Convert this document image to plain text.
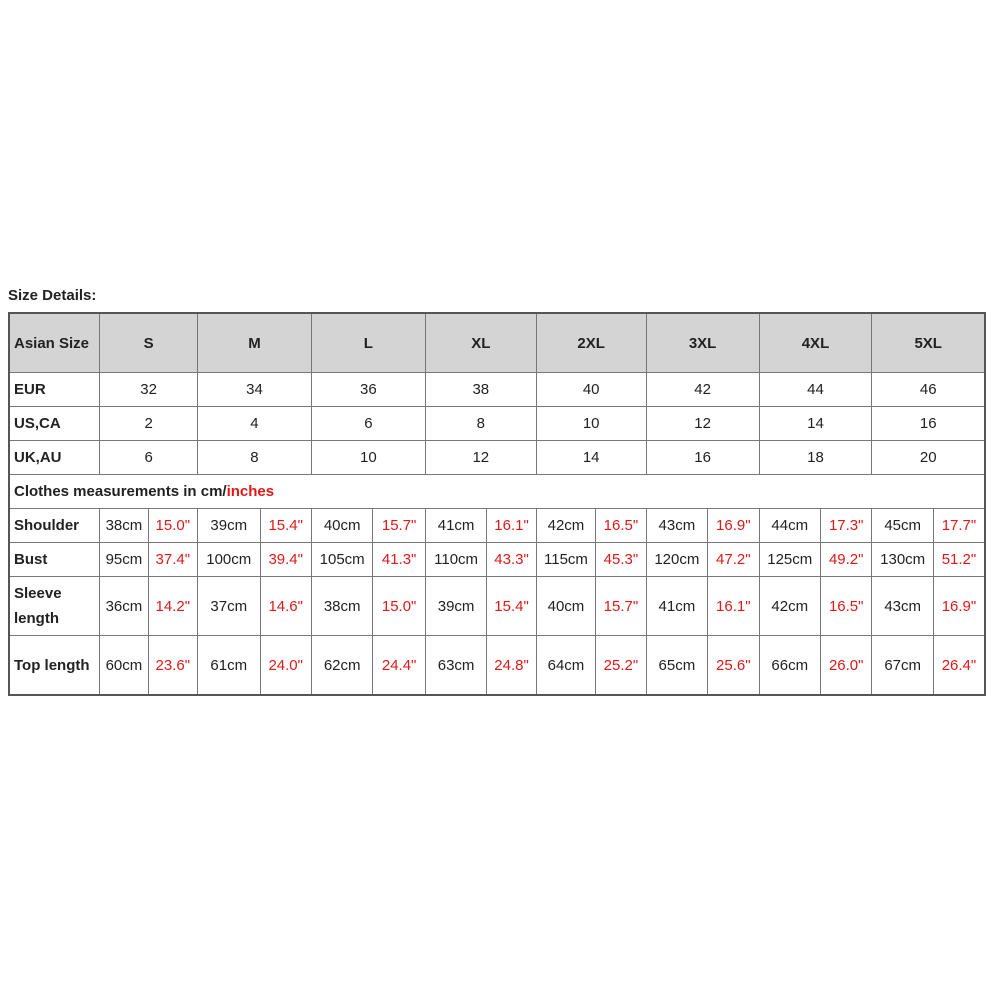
Size Details:
Asian Size	S		M		L		XL		2XL		3XL		4XL		5XL	
EUR	32		34		36		38		40		42		44		46	
US,CA	2		4		6		8		10		12		14		16	
UK,AU	6		8		10		12		14		16		18		20	
Clothes measurements in cm/inches																
Shoulder	38cm	15.0"	39cm	15.4"	40cm	15.7"	41cm	16.1"	42cm	16.5"	43cm	16.9"	44cm	17.3"	45cm	17.7"
Bust	95cm	37.4"	100cm	39.4"	105cm	41.3"	110cm	43.3"	115cm	45.3"	120cm	47.2"	125cm	49.2"	130cm	51.2"
Sleeve length	36cm	14.2"	37cm	14.6"	38cm	15.0"	39cm	15.4"	40cm	15.7"	41cm	16.1"	42cm	16.5"	43cm	16.9"
Top length	60cm	23.6"	61cm	24.0"	62cm	24.4"	63cm	24.8"	64cm	25.2"	65cm	25.6"	66cm	26.0"	67cm	26.4"
